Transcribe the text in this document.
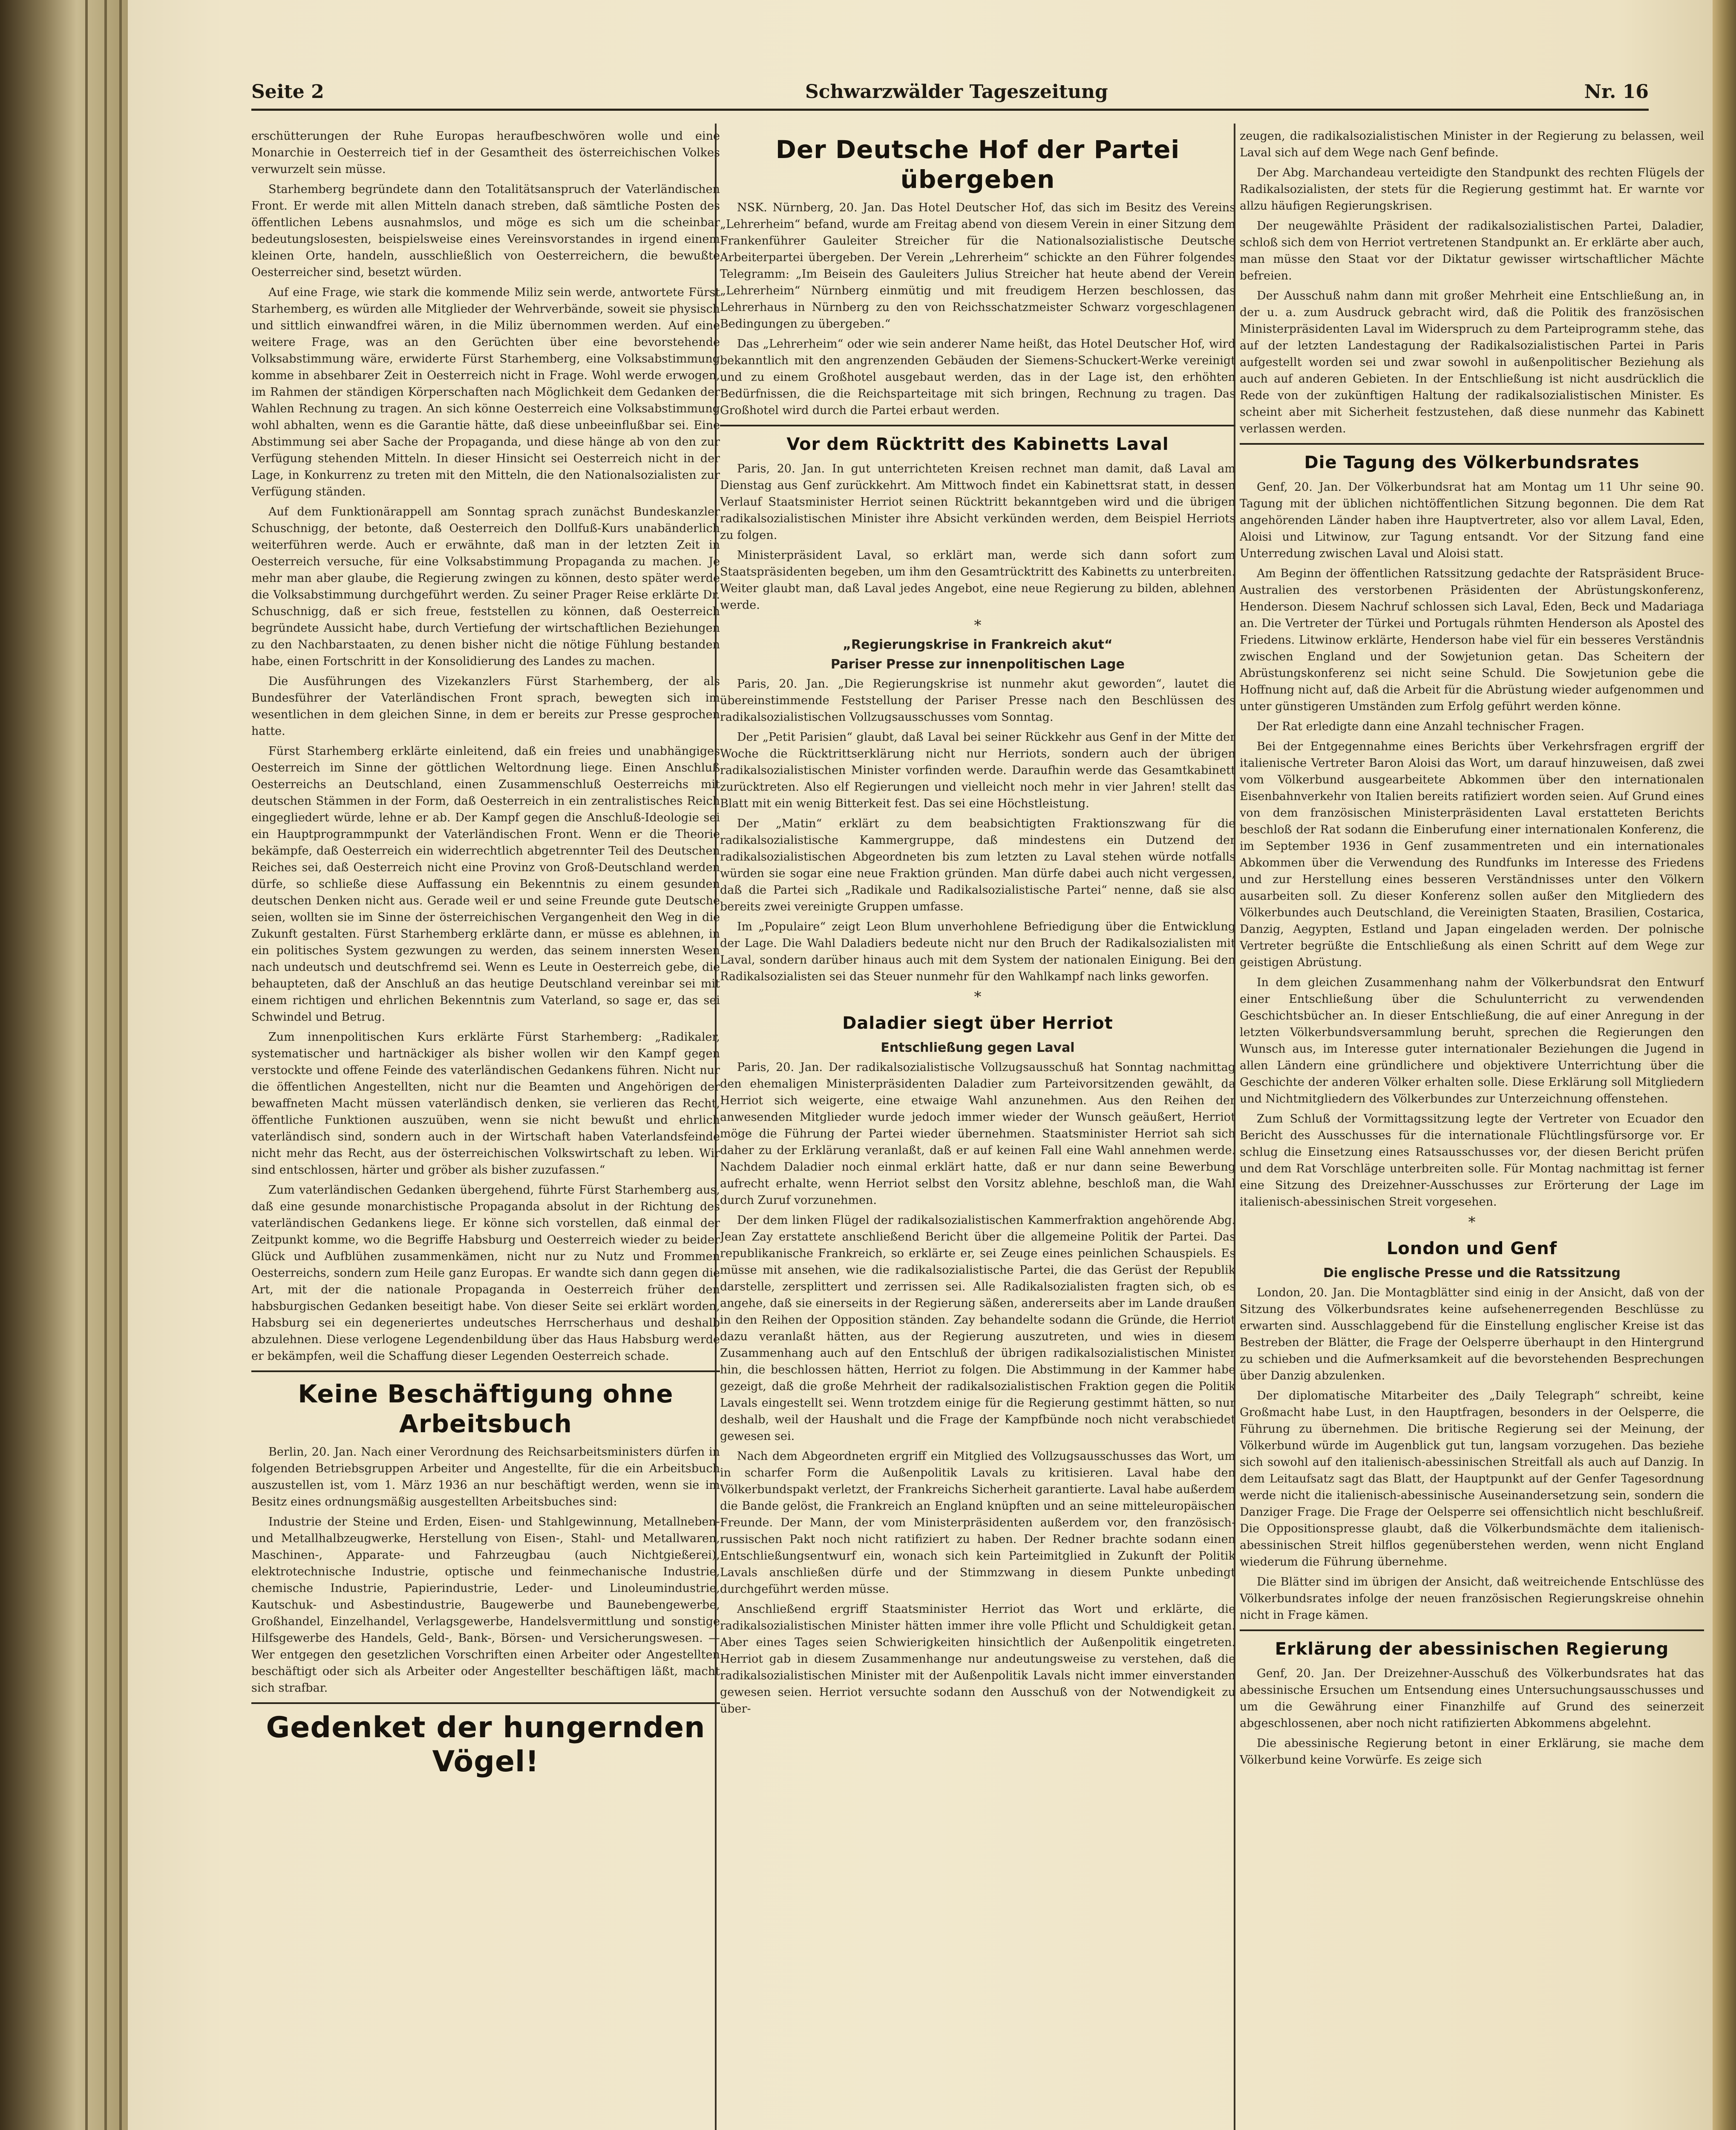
Seite 2	Schwarzwälder Tageszeitung	Nr. 16

erschütterungen der Ruhe Europas heraufbeschwören wolle und eine Monarchie in Oesterreich tief in der Gesamtheit des österreichischen Volkes verwurzelt sein müsse.

Starhemberg begründete dann den Totalitätsanspruch der Vaterländischen Front. Er werde mit allen Mitteln danach streben, daß sämtliche Posten des öffentlichen Lebens ausnahmslos, und möge es sich um die scheinbar bedeutungslosesten, beispielsweise eines Vereinsvorstandes in irgend einem kleinen Orte, handeln, ausschließlich von Oesterreichern, die bewußte Oesterreicher sind, besetzt würden.

Auf eine Frage, wie stark die kommende Miliz sein werde, antwortete Fürst Starhemberg, es würden alle Mitglieder der Wehrverbände, soweit sie physisch und sittlich einwandfrei wären, in die Miliz übernommen werden. Auf eine weitere Frage, was an den Gerüchten über eine bevorstehende Volksabstimmung wäre, erwiderte Fürst Starhemberg, eine Volksabstimmung komme in absehbarer Zeit in Oesterreich nicht in Frage. Wohl werde erwogen, im Rahmen der ständigen Körperschaften nach Möglichkeit dem Gedanken der Wahlen Rechnung zu tragen. An sich könne Oesterreich eine Volksabstimmung wohl abhalten, wenn es die Garantie hätte, daß diese unbeeinflußbar sei. Eine Abstimmung sei aber Sache der Propaganda, und diese hänge ab von den zur Verfügung stehenden Mitteln. In dieser Hinsicht sei Oesterreich nicht in der Lage, in Konkurrenz zu treten mit den Mitteln, die den Nationalsozialisten zur Verfügung ständen.

Auf dem Funktionärappell am Sonntag sprach zunächst Bundeskanzler Schuschnigg, der betonte, daß Oesterreich den Dollfuß-Kurs unabänderlich weiterführen werde. Auch er erwähnte, daß man in der letzten Zeit in Oesterreich versuche, für eine Volksabstimmung Propaganda zu machen. Je mehr man aber glaube, die Regierung zwingen zu können, desto später werde die Volksabstimmung durchgeführt werden. Zu seiner Prager Reise erklärte Dr. Schuschnigg, daß er sich freue, feststellen zu können, daß Oesterreich begründete Aussicht habe, durch Vertiefung der wirtschaftlichen Beziehungen zu den Nachbarstaaten, zu denen bisher nicht die nötige Fühlung bestanden habe, einen Fortschritt in der Konsolidierung des Landes zu machen.

Die Ausführungen des Vizekanzlers Fürst Starhemberg, der als Bundesführer der Vaterländischen Front sprach, bewegten sich im wesentlichen in dem gleichen Sinne, in dem er bereits zur Presse gesprochen hatte.

Fürst Starhemberg erklärte einleitend, daß ein freies und unabhängiges Oesterreich im Sinne der göttlichen Weltordnung liege. Einen Anschluß Oesterreichs an Deutschland, einen Zusammenschluß Oesterreichs mit deutschen Stämmen in der Form, daß Oesterreich in ein zentralistisches Reich eingegliedert würde, lehne er ab. Der Kampf gegen die Anschluß-Ideologie sei ein Hauptprogrammpunkt der Vaterländischen Front. Wenn er die Theorie bekämpfe, daß Oesterreich ein widerrechtlich abgetrennter Teil des Deutschen Reiches sei, daß Oesterreich nicht eine Provinz von Groß-Deutschland werden dürfe, so schließe diese Auffassung ein Bekenntnis zu einem gesunden deutschen Denken nicht aus. Gerade weil er und seine Freunde gute Deutsche seien, wollten sie im Sinne der österreichischen Vergangenheit den Weg in die Zukunft gestalten. Fürst Starhemberg erklärte dann, er müsse es ablehnen, in ein politisches System gezwungen zu werden, das seinem innersten Wesen nach undeutsch und deutschfremd sei. Wenn es Leute in Oesterreich gebe, die behaupteten, daß der Anschluß an das heutige Deutschland vereinbar sei mit einem richtigen und ehrlichen Bekenntnis zum Vaterland, so sage er, das sei Schwindel und Betrug.

Zum innenpolitischen Kurs erklärte Fürst Starhemberg: „Radikaler, systematischer und hartnäckiger als bisher wollen wir den Kampf gegen verstockte und offene Feinde des vaterländischen Gedankens führen. Nicht nur die öffentlichen Angestellten, nicht nur die Beamten und Angehörigen der bewaffneten Macht müssen vaterländisch denken, sie verlieren das Recht, öffentliche Funktionen auszuüben, wenn sie nicht bewußt und ehrlich vaterländisch sind, sondern auch in der Wirtschaft haben Vaterlandsfeinde nicht mehr das Recht, aus der österreichischen Volkswirtschaft zu leben. Wir sind entschlossen, härter und gröber als bisher zuzufassen.“

Zum vaterländischen Gedanken übergehend, führte Fürst Starhemberg aus, daß eine gesunde monarchistische Propaganda absolut in der Richtung des vaterländischen Gedankens liege. Er könne sich vorstellen, daß einmal der Zeitpunkt komme, wo die Begriffe Habsburg und Oesterreich wieder zu beider Glück und Aufblühen zusammenkämen, nicht nur zu Nutz und Frommen Oesterreichs, sondern zum Heile ganz Europas. Er wandte sich dann gegen die Art, mit der die nationale Propaganda in Oesterreich früher den habsburgischen Gedanken beseitigt habe. Von dieser Seite sei erklärt worden, Habsburg sei ein degeneriertes undeutsches Herrscherhaus und deshalb abzulehnen. Diese verlogene Legendenbildung über das Haus Habsburg werde er bekämpfen, weil die Schaffung dieser Legenden Oesterreich schade.

Keine Beschäftigung ohne Arbeitsbuch

Berlin, 20. Jan. Nach einer Verordnung des Reichsarbeitsministers dürfen in folgenden Betriebsgruppen Arbeiter und Angestellte, für die ein Arbeitsbuch auszustellen ist, vom 1. März 1936 an nur beschäftigt werden, wenn sie im Besitz eines ordnungsmäßig ausgestellten Arbeitsbuches sind:

Industrie der Steine und Erden, Eisen- und Stahlgewinnung, Metallneben- und Metallhalbzeugwerke, Herstellung von Eisen-, Stahl- und Metallwaren, Maschinen-, Apparate- und Fahrzeugbau (auch Nichtgießerei), elektrotechnische Industrie, optische und feinmechanische Industrie, chemische Industrie, Papierindustrie, Leder- und Linoleumindustrie, Kautschuk- und Asbestindustrie, Baugewerbe und Baunebengewerbe, Großhandel, Einzelhandel, Verlagsgewerbe, Handelsvermittlung und sonstige Hilfsgewerbe des Handels, Geld-, Bank-, Börsen- und Versicherungswesen. — Wer entgegen den gesetzlichen Vorschriften einen Arbeiter oder Angestellten beschäftigt oder sich als Arbeiter oder Angestellter beschäftigen läßt, macht sich strafbar.

Gedenket der hungernden Vögel!
Der Deutsche Hof der Partei übergeben

NSK. Nürnberg, 20. Jan. Das Hotel Deutscher Hof, das sich im Besitz des Vereins „Lehrerheim“ befand, wurde am Freitag abend von diesem Verein in einer Sitzung dem Frankenführer Gauleiter Streicher für die Nationalsozialistische Deutsche Arbeiterpartei übergeben. Der Verein „Lehrerheim“ schickte an den Führer folgendes Telegramm: „Im Beisein des Gauleiters Julius Streicher hat heute abend der Verein „Lehrerheim“ Nürnberg einmütig und mit freudigem Herzen beschlossen, das Lehrerhaus in Nürnberg zu den von Reichsschatzmeister Schwarz vorgeschlagenen Bedingungen zu übergeben.“

Das „Lehrerheim“ oder wie sein anderer Name heißt, das Hotel Deutscher Hof, wird bekanntlich mit den angrenzenden Gebäuden der Siemens-Schuckert-Werke vereinigt und zu einem Großhotel ausgebaut werden, das in der Lage ist, den erhöhten Bedürfnissen, die die Reichsparteitage mit sich bringen, Rechnung zu tragen. Das Großhotel wird durch die Partei erbaut werden.

Vor dem Rücktritt des Kabinetts Laval

Paris, 20. Jan. In gut unterrichteten Kreisen rechnet man damit, daß Laval am Dienstag aus Genf zurückkehrt. Am Mittwoch findet ein Kabinettsrat statt, in dessen Verlauf Staatsminister Herriot seinen Rücktritt bekanntgeben wird und die übrigen radikalsozialistischen Minister ihre Absicht verkünden werden, dem Beispiel Herriots zu folgen.

Ministerpräsident Laval, so erklärt man, werde sich dann sofort zum Staatspräsidenten begeben, um ihm den Gesamtrücktritt des Kabinetts zu unterbreiten. Weiter glaubt man, daß Laval jedes Angebot, eine neue Regierung zu bilden, ablehnen werde.

*
„Regierungskrise in Frankreich akut“
Pariser Presse zur innenpolitischen Lage

Paris, 20. Jan. „Die Regierungskrise ist nunmehr akut geworden“, lautet die übereinstimmende Feststellung der Pariser Presse nach den Beschlüssen des radikalsozialistischen Vollzugsausschusses vom Sonntag.

Der „Petit Parisien“ glaubt, daß Laval bei seiner Rückkehr aus Genf in der Mitte der Woche die Rücktrittserklärung nicht nur Herriots, sondern auch der übrigen radikalsozialistischen Minister vorfinden werde. Daraufhin werde das Gesamtkabinett zurücktreten. Also elf Regierungen und vielleicht noch mehr in vier Jahren! stellt das Blatt mit ein wenig Bitterkeit fest. Das sei eine Höchstleistung.

Der „Matin“ erklärt zu dem beabsichtigten Fraktionszwang für die radikalsozialistische Kammergruppe, daß mindestens ein Dutzend der radikalsozialistischen Abgeordneten bis zum letzten zu Laval stehen würde notfalls würden sie sogar eine neue Fraktion gründen. Man dürfe dabei auch nicht vergessen, daß die Partei sich „Radikale und Radikalsozialistische Partei“ nenne, daß sie also bereits zwei vereinigte Gruppen umfasse.

Im „Populaire“ zeigt Leon Blum unverhohlene Befriedigung über die Entwicklung der Lage. Die Wahl Daladiers bedeute nicht nur den Bruch der Radikalsozialisten mit Laval, sondern darüber hinaus auch mit dem System der nationalen Einigung. Bei den Radikalsozialisten sei das Steuer nunmehr für den Wahlkampf nach links geworfen.

*
Daladier siegt über Herriot
Entschließung gegen Laval

Paris, 20. Jan. Der radikalsozialistische Vollzugsausschuß hat Sonntag nachmittag den ehemaligen Ministerpräsidenten Daladier zum Parteivorsitzenden gewählt, da Herriot sich weigerte, eine etwaige Wahl anzunehmen. Aus den Reihen der anwesenden Mitglieder wurde jedoch immer wieder der Wunsch geäußert, Herriot möge die Führung der Partei wieder übernehmen. Staatsminister Herriot sah sich daher zu der Erklärung veranlaßt, daß er auf keinen Fall eine Wahl annehmen werde. Nachdem Daladier noch einmal erklärt hatte, daß er nur dann seine Bewerbung aufrecht erhalte, wenn Herriot selbst den Vorsitz ablehne, beschloß man, die Wahl durch Zuruf vorzunehmen.

Der dem linken Flügel der radikalsozialistischen Kammerfraktion angehörende Abg. Jean Zay erstattete anschließend Bericht über die allgemeine Politik der Partei. Das republikanische Frankreich, so erklärte er, sei Zeuge eines peinlichen Schauspiels. Es müsse mit ansehen, wie die radikalsozialistische Partei, die das Gerüst der Republik darstelle, zersplittert und zerrissen sei. Alle Radikalsozialisten fragten sich, ob es angehe, daß sie einerseits in der Regierung säßen, andererseits aber im Lande draußen in den Reihen der Opposition ständen. Zay behandelte sodann die Gründe, die Herriot dazu veranlaßt hätten, aus der Regierung auszutreten, und wies in diesem Zusammenhang auch auf den Entschluß der übrigen radikalsozialistischen Minister hin, die beschlossen hätten, Herriot zu folgen. Die Abstimmung in der Kammer habe gezeigt, daß die große Mehrheit der radikalsozialistischen Fraktion gegen die Politik Lavals eingestellt sei. Wenn trotzdem einige für die Regierung gestimmt hätten, so nur deshalb, weil der Haushalt und die Frage der Kampfbünde noch nicht verabschiedet gewesen sei.

Nach dem Abgeordneten ergriff ein Mitglied des Vollzugsausschusses das Wort, um in scharfer Form die Außenpolitik Lavals zu kritisieren. Laval habe den Völkerbundspakt verletzt, der Frankreichs Sicherheit garantierte. Laval habe außerdem die Bande gelöst, die Frankreich an England knüpften und an seine mitteleuropäischen Freunde. Der Mann, der vom Ministerpräsidenten außerdem vor, den französisch-russischen Pakt noch nicht ratifiziert zu haben. Der Redner brachte sodann einen Entschließungsentwurf ein, wonach sich kein Parteimitglied in Zukunft der Politik Lavals anschließen dürfe und der Stimmzwang in diesem Punkte unbedingt durchgeführt werden müsse.

Anschließend ergriff Staatsminister Herriot das Wort und erklärte, die radikalsozialistischen Minister hätten immer ihre volle Pflicht und Schuldigkeit getan. Aber eines Tages seien Schwierigkeiten hinsichtlich der Außenpolitik eingetreten. Herriot gab in diesem Zusammenhange nur andeutungsweise zu verstehen, daß die radikalsozialistischen Minister mit der Außenpolitik Lavals nicht immer einverstanden gewesen seien. Herriot versuchte sodann den Ausschuß von der Notwendigkeit zu über-

zeugen, die radikalsozialistischen Minister in der Regierung zu belassen, weil Laval sich auf dem Wege nach Genf befinde.

Der Abg. Marchandeau verteidigte den Standpunkt des rechten Flügels der Radikalsozialisten, der stets für die Regierung gestimmt hat. Er warnte vor allzu häufigen Regierungskrisen.

Der neugewählte Präsident der radikalsozialistischen Partei, Daladier, schloß sich dem von Herriot vertretenen Standpunkt an. Er erklärte aber auch, man müsse den Staat vor der Diktatur gewisser wirtschaftlicher Mächte befreien.

Der Ausschuß nahm dann mit großer Mehrheit eine Entschließung an, in der u. a. zum Ausdruck gebracht wird, daß die Politik des französischen Ministerpräsidenten Laval im Widerspruch zu dem Parteiprogramm stehe, das auf der letzten Landestagung der Radikalsozialistischen Partei in Paris aufgestellt worden sei und zwar sowohl in außenpolitischer Beziehung als auch auf anderen Gebieten. In der Entschließung ist nicht ausdrücklich die Rede von der zukünftigen Haltung der radikalsozialistischen Minister. Es scheint aber mit Sicherheit festzustehen, daß diese nunmehr das Kabinett verlassen werden.

Die Tagung des Völkerbundsrates

Genf, 20. Jan. Der Völkerbundsrat hat am Montag um 11 Uhr seine 90. Tagung mit der üblichen nichtöffentlichen Sitzung begonnen. Die dem Rat angehörenden Länder haben ihre Hauptvertreter, also vor allem Laval, Eden, Aloisi und Litwinow, zur Tagung entsandt. Vor der Sitzung fand eine Unterredung zwischen Laval und Aloisi statt.

Am Beginn der öffentlichen Ratssitzung gedachte der Ratspräsident Bruce-Australien des verstorbenen Präsidenten der Abrüstungskonferenz, Henderson. Diesem Nachruf schlossen sich Laval, Eden, Beck und Madariaga an. Die Vertreter der Türkei und Portugals rühmten Henderson als Apostel des Friedens. Litwinow erklärte, Henderson habe viel für ein besseres Verständnis zwischen England und der Sowjetunion getan. Das Scheitern der Abrüstungskonferenz sei nicht seine Schuld. Die Sowjetunion gebe die Hoffnung nicht auf, daß die Arbeit für die Abrüstung wieder aufgenommen und unter günstigeren Umständen zum Erfolg geführt werden könne.

Der Rat erledigte dann eine Anzahl technischer Fragen.

Bei der Entgegennahme eines Berichts über Verkehrsfragen ergriff der italienische Vertreter Baron Aloisi das Wort, um darauf hinzuweisen, daß zwei vom Völkerbund ausgearbeitete Abkommen über den internationalen Eisenbahnverkehr von Italien bereits ratifiziert worden seien. Auf Grund eines von dem französischen Ministerpräsidenten Laval erstatteten Berichts beschloß der Rat sodann die Einberufung einer internationalen Konferenz, die im September 1936 in Genf zusammentreten und ein internationales Abkommen über die Verwendung des Rundfunks im Interesse des Friedens und zur Herstellung eines besseren Verständnisses unter den Völkern ausarbeiten soll. Zu dieser Konferenz sollen außer den Mitgliedern des Völkerbundes auch Deutschland, die Vereinigten Staaten, Brasilien, Costarica, Danzig, Aegypten, Estland und Japan eingeladen werden. Der polnische Vertreter begrüßte die Entschließung als einen Schritt auf dem Wege zur geistigen Abrüstung.

In dem gleichen Zusammenhang nahm der Völkerbundsrat den Entwurf einer Entschließung über die Schulunterricht zu verwendenden Geschichtsbücher an. In dieser Entschließung, die auf einer Anregung in der letzten Völkerbundsversammlung beruht, sprechen die Regierungen den Wunsch aus, im Interesse guter internationaler Beziehungen die Jugend in allen Ländern eine gründlichere und objektivere Unterrichtung über die Geschichte der anderen Völker erhalten solle. Diese Erklärung soll Mitgliedern und Nichtmitgliedern des Völkerbundes zur Unterzeichnung offenstehen.

Zum Schluß der Vormittagssitzung legte der Vertreter von Ecuador den Bericht des Ausschusses für die internationale Flüchtlingsfürsorge vor. Er schlug die Einsetzung eines Ratsausschusses vor, der diesen Bericht prüfen und dem Rat Vorschläge unterbreiten solle. Für Montag nachmittag ist ferner eine Sitzung des Dreizehner-Ausschusses zur Erörterung der Lage im italienisch-abessinischen Streit vorgesehen.

*
London und Genf
Die englische Presse und die Ratssitzung

London, 20. Jan. Die Montagblätter sind einig in der Ansicht, daß von der Sitzung des Völkerbundsrates keine aufsehenerregenden Beschlüsse zu erwarten sind. Ausschlaggebend für die Einstellung englischer Kreise ist das Bestreben der Blätter, die Frage der Oelsperre überhaupt in den Hintergrund zu schieben und die Aufmerksamkeit auf die bevorstehenden Besprechungen über Danzig abzulenken.

Der diplomatische Mitarbeiter des „Daily Telegraph“ schreibt, keine Großmacht habe Lust, in den Hauptfragen, besonders in der Oelsperre, die Führung zu übernehmen. Die britische Regierung sei der Meinung, der Völkerbund würde im Augenblick gut tun, langsam vorzugehen. Das beziehe sich sowohl auf den italienisch-abessinischen Streitfall als auch auf Danzig. In dem Leitaufsatz sagt das Blatt, der Hauptpunkt auf der Genfer Tagesordnung werde nicht die italienisch-abessinische Auseinandersetzung sein, sondern die Danziger Frage. Die Frage der Oelsperre sei offensichtlich nicht beschlußreif. Die Oppositionspresse glaubt, daß die Völkerbundsmächte dem italienisch-abessinischen Streit hilflos gegenüberstehen werden, wenn nicht England wiederum die Führung übernehme.

Die Blätter sind im übrigen der Ansicht, daß weitreichende Entschlüsse des Völkerbundsrates infolge der neuen französischen Regierungskreise ohnehin nicht in Frage kämen.

Erklärung der abessinischen Regierung

Genf, 20. Jan. Der Dreizehner-Ausschuß des Völkerbundsrates hat das abessinische Ersuchen um Entsendung eines Untersuchungsausschusses und um die Gewährung einer Finanzhilfe auf Grund des seinerzeit abgeschlossenen, aber noch nicht ratifizierten Abkommens abgelehnt.

Die abessinische Regierung betont in einer Erklärung, sie mache dem Völkerbund keine Vorwürfe. Es zeige sich
